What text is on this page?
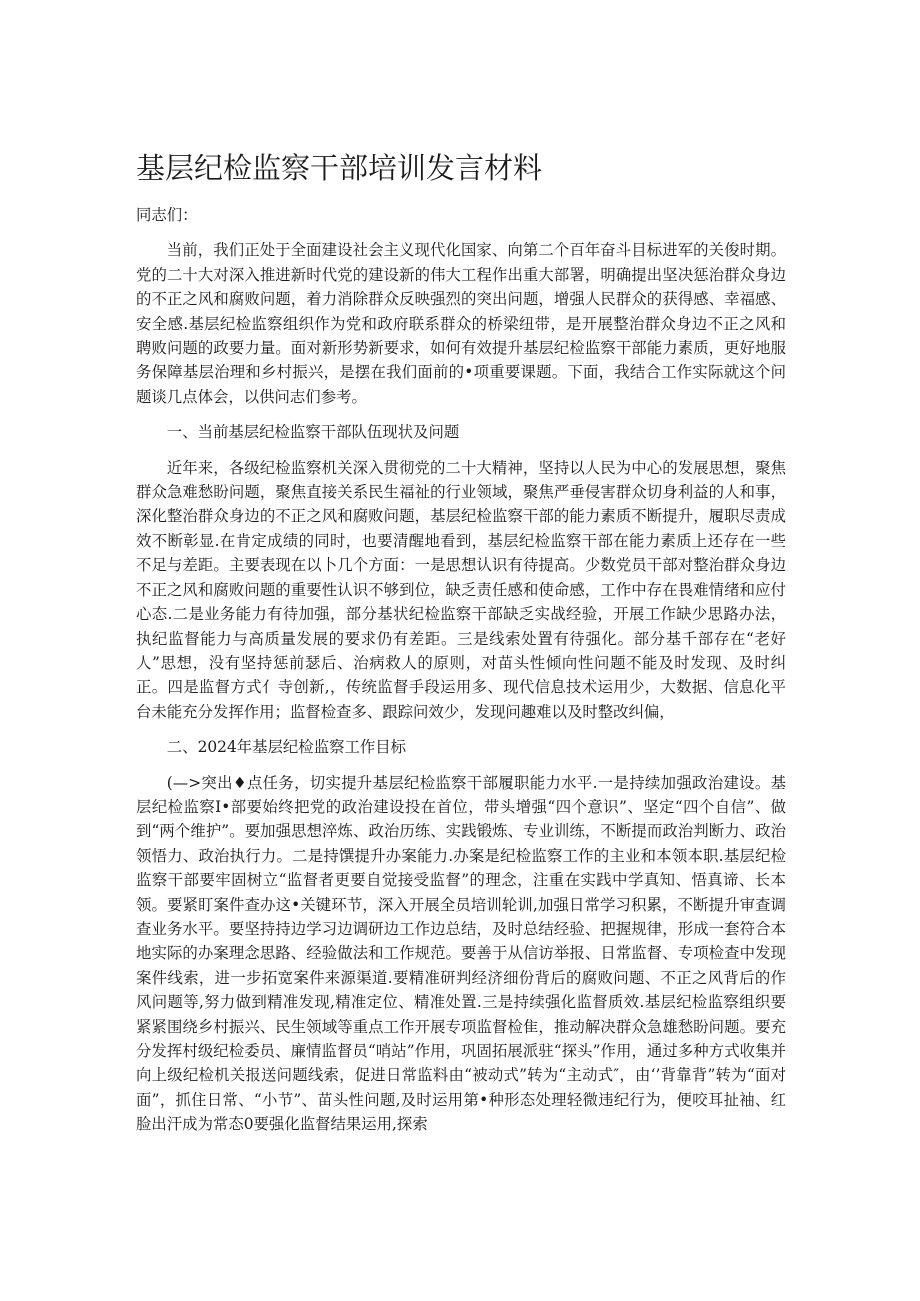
基层纪检监察干部培训发言材料

同志们：

当前，我们正处于全面建设社会主义现代化国家、向第二个百年奋斗目标进军的关俊时期。党的二十大对深入推进新时代党的建设新的伟大工程作出重大部署，明确提出坚决惩治群众身边的不正之风和腐败问题，着力消除群众反映强烈的突出问题，增强人民群众的获得感、幸福感、安全感.基层纪检监察组织作为党和政府联系群众的桥梁纽带，是开展整治群众身边不正之风和聘败问题的政要力量。面对新形势新要求，如何有效提升基层纪检监察干部能力素质，更好地服务保障基层治理和乡村振兴，是摆在我们面前的•项重要课题。下面，我结合工作实际就这个问题谈几点体会，以供问志们参考。

一、当前基层纪检监察干部队伍现状及问题

近年来，各级纪检监察机关深入贯彻党的二十大精神，坚持以人民为中心的发展思想，聚焦群众急难愁盼问题，聚焦直接关系民生福祉的行业领域，聚焦严垂侵害群众切身利益的人和事，深化整治群众身边的不正之风和腐败问题，基层纪检监察干部的能力素质不断提升，履职尽责成效不断彰显.在肯定成绩的同时，也要清醒地看到，基层纪检监察干部在能力素质上还存在一些不足与差距。主要表现在以卜几个方面：一是思想认识有待提高。少数党员干部对整治群众身边不正之风和腐败问题的重要性认识不够到位，缺乏责任感和使命感，工作中存在畏难情绪和应付心态.二是业务能力有待加强，部分基状纪检监察干部缺乏实战经验，开展工作缺少思路办法，执纪监督能力与高质量发展的要求仍有差距。三是线索处置有待强化。部分基千部存在“老好人”思想，没有坚持惩前瑟后、治病救人的原则，对苗头性倾向性问题不能及时发现、及时纠正。四是监督方式亻寺创新,，传统监督手段运用多、现代信息技术运用少，大数据、信息化平台未能充分发挥作用；监督检查多、跟踪问效少，发现问趣难以及时整改纠偏，

二、2024年基层纪检监察工作目标

(—>突出♦点任务，切实提升基层纪检监察干部履职能力水平.一是持续加强政治建设。基层纪检监察I•部要始终把党的政治建设投在首位，带头增强“四个意识”、坚定“四个自信”、做到“两个维护”。要加强思想淬炼、政治历练、实践锻炼、专业训练，不断提而政治判断力、政治领悟力、政治执行力。二是持馔提升办案能力.办案是纪检监察工作的主业和本领本职.基层纪检监察干部要牢固树立“监督者更要自觉接受监督”的理念，注重在实践中学真知、悟真谛、长本领。要紧盯案件查办这•关键环节，深入开展全员培训轮训,加强日常学习积累，不断提升审查调查业务水平。要坚持持边学习边调研边工作边总结，及时总结经验、把握规律，形成一套符合本地实际的办案理念思路、经验做法和工作规范。要善于从信访举报、日常监督、专项检查中发现案件线索，进一步拓宽案件来源渠道.要精准研判经济细份背后的腐败问题、不正之风背后的作风问题等,努力做到精准发现,精准定位、精准处置.三是持续强化监督质效.基层纪检监察组织要紧紧围绕乡村振兴、民生领域等重点工作开展专项监督检隹，推动解决群众急雄愁盼问题。要充分发挥村级纪检委员、廉情监督员“哨站”作用，巩固拓展派驻“探头”作用，通过多种方式收集并向上级纪检机关报送问题线索，促进日常监料由“被动式”转为“主动式″，由‘’背靠背”转为“面对面”，抓住日常、“小节”、苗头性问题,及时运用第•种形态处理轻微违纪行为，便咬耳扯袖、红脸出汗成为常态0要强化监督结果运用,探索
